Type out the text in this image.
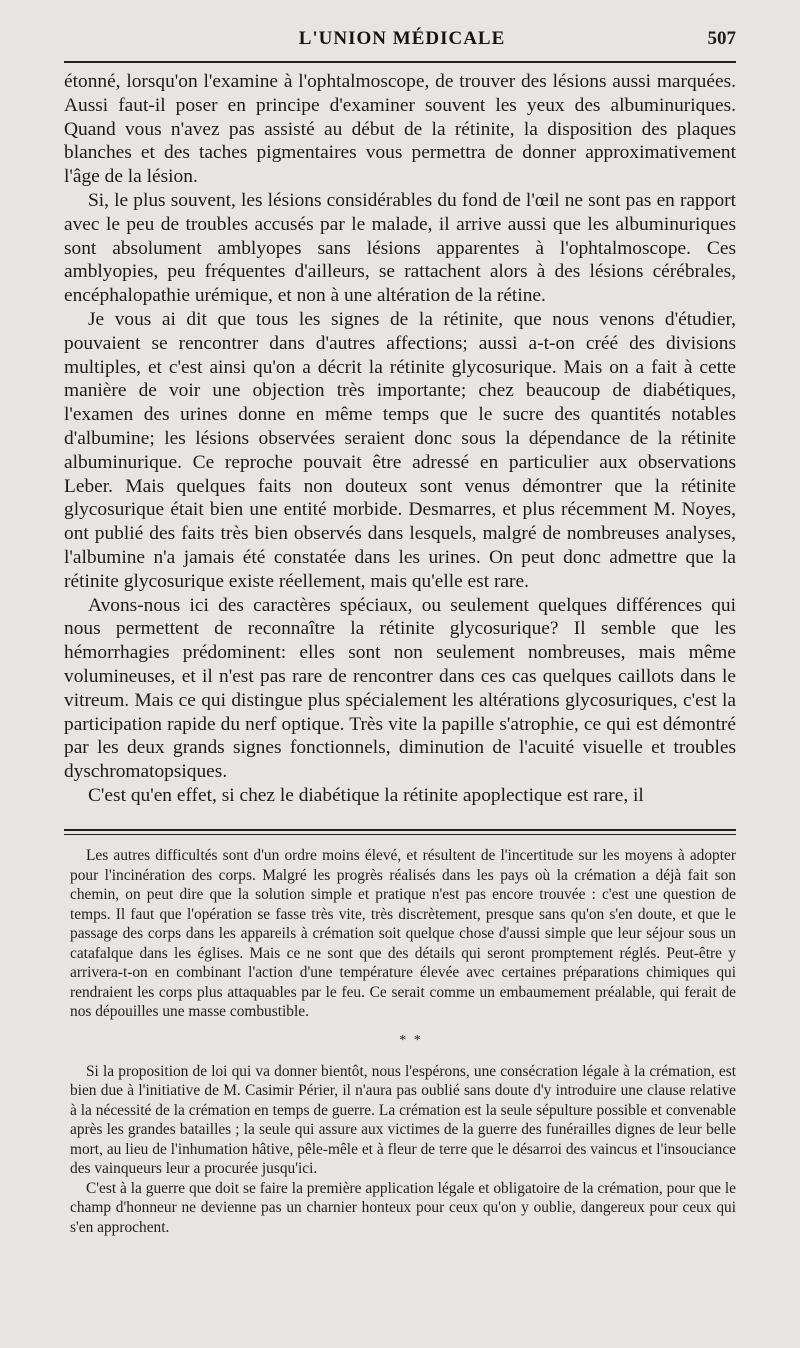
L'UNION MÉDICALE	507

étonné, lorsqu'on l'examine à l'ophtalmoscope, de trouver des lésions aussi marquées. Aussi faut-il poser en principe d'examiner souvent les yeux des albuminuriques. Quand vous n'avez pas assisté au début de la rétinite, la disposition des plaques blanches et des taches pigmentaires vous permettra de donner approximativement l'âge de la lésion.

Si, le plus souvent, les lésions considérables du fond de l'œil ne sont pas en rapport avec le peu de troubles accusés par le malade, il arrive aussi que les albuminuriques sont absolument amblyopes sans lésions apparentes à l'ophtalmoscope. Ces amblyopies, peu fréquentes d'ailleurs, se rattachent alors à des lésions cérébrales, encéphalopathie urémique, et non à une altération de la rétine.

Je vous ai dit que tous les signes de la rétinite, que nous venons d'étudier, pouvaient se rencontrer dans d'autres affections; aussi a-t-on créé des divisions multiples, et c'est ainsi qu'on a décrit la rétinite glycosurique. Mais on a fait à cette manière de voir une objection très importante; chez beaucoup de diabétiques, l'examen des urines donne en même temps que le sucre des quantités notables d'albumine; les lésions observées seraient donc sous la dépendance de la rétinite albuminurique. Ce reproche pouvait être adressé en particulier aux observations Leber. Mais quelques faits non douteux sont venus démontrer que la rétinite glycosurique était bien une entité morbide. Desmarres, et plus récemment M. Noyes, ont publié des faits très bien observés dans lesquels, malgré de nombreuses analyses, l'albumine n'a jamais été constatée dans les urines. On peut donc admettre que la rétinite glycosurique existe réellement, mais qu'elle est rare.

Avons-nous ici des caractères spéciaux, ou seulement quelques différences qui nous permettent de reconnaître la rétinite glycosurique? Il semble que les hémorrhagies prédominent: elles sont non seulement nombreuses, mais même volumineuses, et il n'est pas rare de rencontrer dans ces cas quelques caillots dans le vitreum. Mais ce qui distingue plus spécialement les altérations glycosuriques, c'est la participation rapide du nerf optique. Très vite la papille s'atrophie, ce qui est démontré par les deux grands signes fonctionnels, diminution de l'acuité visuelle et troubles dyschromatopsiques.

C'est qu'en effet, si chez le diabétique la rétinite apoplectique est rare, il

Les autres difficultés sont d'un ordre moins élevé, et résultent de l'incertitude sur les moyens à adopter pour l'incinération des corps. Malgré les progrès réalisés dans les pays où la crémation a déjà fait son chemin, on peut dire que la solution simple et pratique n'est pas encore trouvée : c'est une question de temps. Il faut que l'opération se fasse très vite, très discrètement, presque sans qu'on s'en doute, et que le passage des corps dans les appareils à crémation soit quelque chose d'aussi simple que leur séjour sous un catafalque dans les églises. Mais ce ne sont que des détails qui seront promptement réglés. Peut-être y arrivera-t-on en combinant l'action d'une température élevée avec certaines préparations chimiques qui rendraient les corps plus attaquables par le feu. Ce serait comme un embaumement préalable, qui ferait de nos dépouilles une masse combustible.

* *

Si la proposition de loi qui va donner bientôt, nous l'espérons, une consécration légale à la crémation, est bien due à l'initiative de M. Casimir Périer, il n'aura pas oublié sans doute d'y introduire une clause relative à la nécessité de la crémation en temps de guerre. La crémation est la seule sépulture possible et convenable après les grandes batailles ; la seule qui assure aux victimes de la guerre des funérailles dignes de leur belle mort, au lieu de l'inhumation hâtive, pêle-mêle et à fleur de terre que le désarroi des vaincus et l'insouciance des vainqueurs leur a procurée jusqu'ici.

C'est à la guerre que doit se faire la première application légale et obligatoire de la crémation, pour que le champ d'honneur ne devienne pas un charnier honteux pour ceux qu'on y oublie, dangereux pour ceux qui s'en approchent.
